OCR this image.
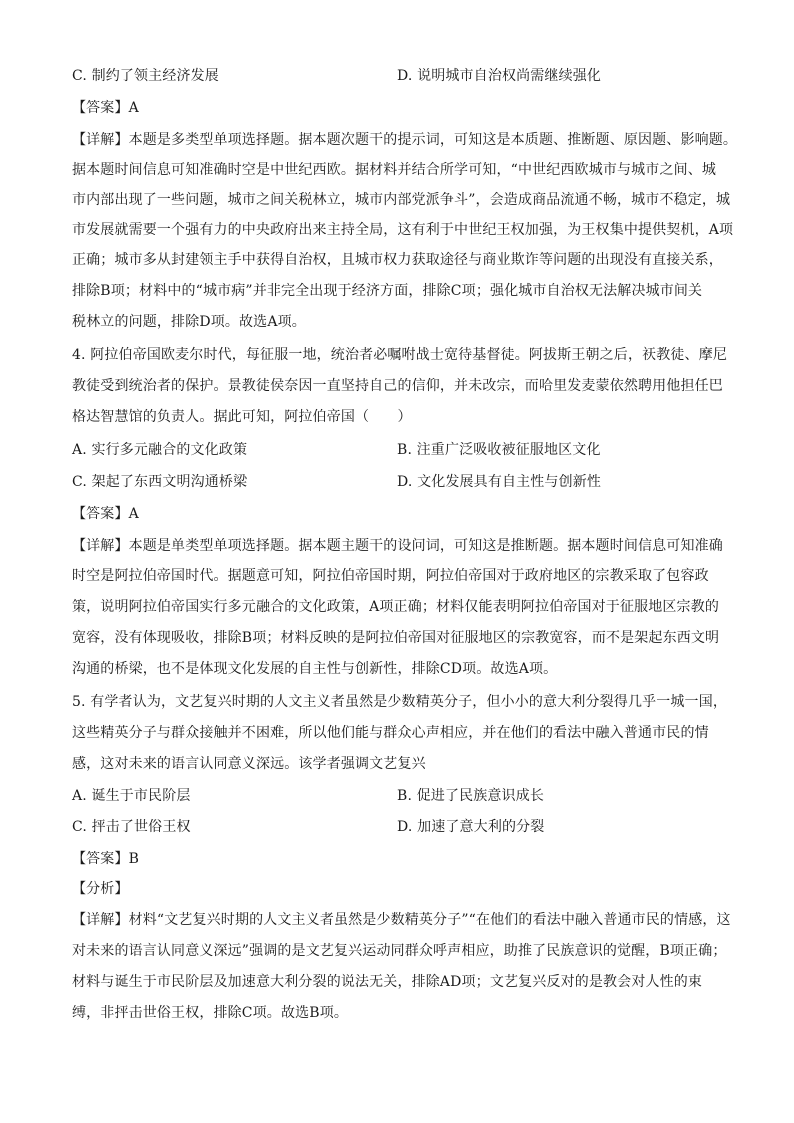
C. 制约了领主经济发展	D. 说明城市自治权尚需继续强化
【答案】A
【详解】本题是多类型单项选择题。据本题次题干的提示词，可知这是本质题、推断题、原因题、影响题。
据本题时间信息可知准确时空是中世纪西欧。据材料并结合所学可知，“中世纪西欧城市与城市之间、城
市内部出现了一些问题，城市之间关税林立，城市内部党派争斗”，会造成商品流通不畅，城市不稳定，城
市发展就需要一个强有力的中央政府出来主持全局，这有利于中世纪王权加强，为王权集中提供契机，A项
正确；城市多从封建领主手中获得自治权，且城市权力获取途径与商业欺诈等问题的出现没有直接关系，
排除B项；材料中的“城市病”并非完全出现于经济方面，排除C项；强化城市自治权无法解决城市间关
税林立的问题，排除D项。故选A项。
4. 阿拉伯帝国欧麦尔时代，每征服一地，统治者必嘱咐战士宽待基督徒。阿拔斯王朝之后，祆教徒、摩尼
教徒受到统治者的保护。景教徒侯奈因一直坚持自己的信仰，并未改宗，而哈里发麦蒙依然聘用他担任巴
格达智慧馆的负责人。据此可知，阿拉伯帝国（　　）
A. 实行多元融合的文化政策	B. 注重广泛吸收被征服地区文化
C. 架起了东西文明沟通桥梁	D. 文化发展具有自主性与创新性
【答案】A
【详解】本题是单类型单项选择题。据本题主题干的设问词，可知这是推断题。据本题时间信息可知准确
时空是阿拉伯帝国时代。据题意可知，阿拉伯帝国时期，阿拉伯帝国对于政府地区的宗教采取了包容政
策，说明阿拉伯帝国实行多元融合的文化政策，A项正确；材料仅能表明阿拉伯帝国对于征服地区宗教的
宽容，没有体现吸收，排除B项；材料反映的是阿拉伯帝国对征服地区的宗教宽容，而不是架起东西文明
沟通的桥梁，也不是体现文化发展的自主性与创新性，排除CD项。故选A项。
5. 有学者认为，文艺复兴时期的人文主义者虽然是少数精英分子，但小小的意大利分裂得几乎一城一国，
这些精英分子与群众接触并不困难，所以他们能与群众心声相应，并在他们的看法中融入普通市民的情
感，这对未来的语言认同意义深远。该学者强调文艺复兴
A. 诞生于市民阶层	B. 促进了民族意识成长
C. 抨击了世俗王权	D. 加速了意大利的分裂
【答案】B
【分析】
【详解】材料“文艺复兴时期的人文主义者虽然是少数精英分子”“在他们的看法中融入普通市民的情感，这
对未来的语言认同意义深远”强调的是文艺复兴运动同群众呼声相应，助推了民族意识的觉醒，B项正确；
材料与诞生于市民阶层及加速意大利分裂的说法无关，排除AD项；文艺复兴反对的是教会对人性的束
缚，非抨击世俗王权，排除C项。故选B项。
